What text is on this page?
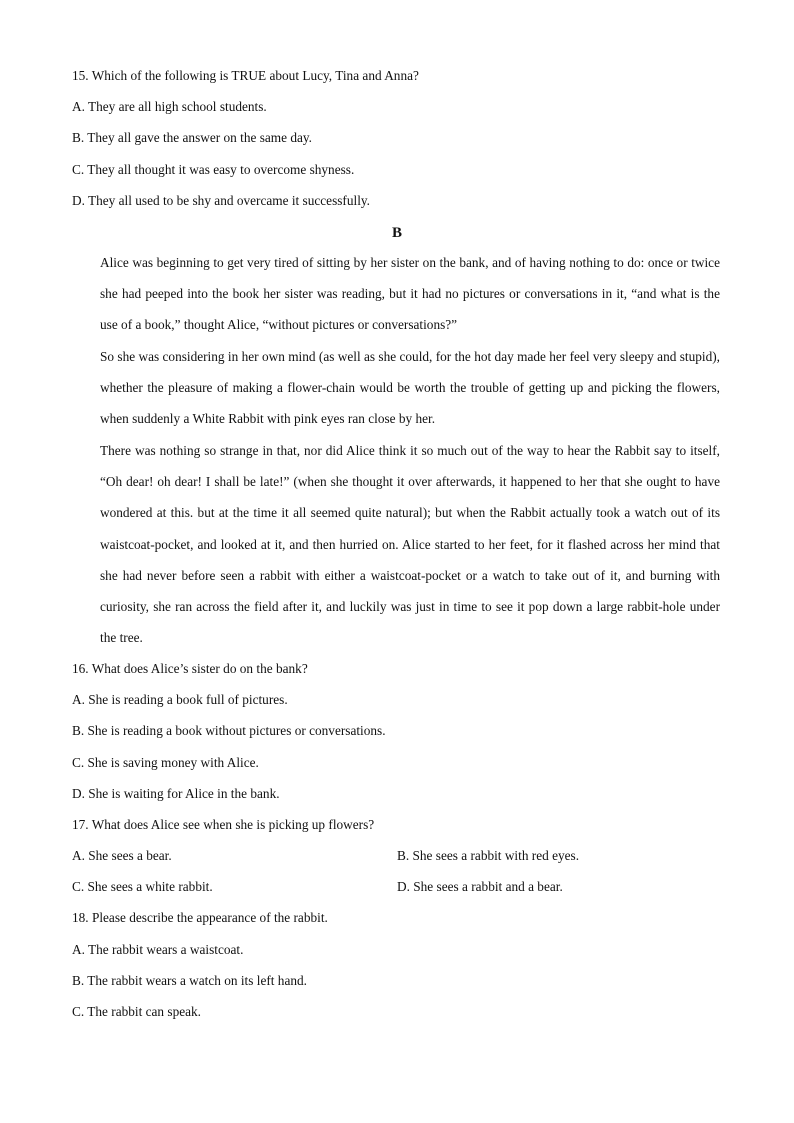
15. Which of the following is TRUE about Lucy, Tina and Anna?
A. They are all high school students.
B. They all gave the answer on the same day.
C. They all thought it was easy to overcome shyness.
D. They all used to be shy and overcame it successfully.
B
Alice was beginning to get very tired of sitting by her sister on the bank, and of having nothing to do: once or twice she had peeped into the book her sister was reading, but it had no pictures or conversations in it, “and what is the use of a book,” thought Alice, “without pictures or conversations?”
So she was considering in her own mind (as well as she could, for the hot day made her feel very sleepy and stupid), whether the pleasure of making a flower-chain would be worth the trouble of getting up and picking the flowers, when suddenly a White Rabbit with pink eyes ran close by her.
There was nothing so strange in that, nor did Alice think it so much out of the way to hear the Rabbit say to itself, “Oh dear! oh dear! I shall be late!” (when she thought it over afterwards, it happened to her that she ought to have wondered at this. but at the time it all seemed quite natural); but when the Rabbit actually took a watch out of its waistcoat-pocket, and looked at it, and then hurried on. Alice started to her feet, for it flashed across her mind that she had never before seen a rabbit with either a waistcoat-pocket or a watch to take out of it, and burning with curiosity, she ran across the field after it, and luckily was just in time to see it pop down a large rabbit-hole under the tree.
16. What does Alice’s sister do on the bank?
A. She is reading a book full of pictures.
B. She is reading a book without pictures or conversations.
C. She is saving money with Alice.
D. She is waiting for Alice in the bank.
17. What does Alice see when she is picking up flowers?
A. She sees a bear.	B. She sees a rabbit with red eyes.
C. She sees a white rabbit.	D. She sees a rabbit and a bear.
18. Please describe the appearance of the rabbit.
A. The rabbit wears a waistcoat.
B. The rabbit wears a watch on its left hand.
C. The rabbit can speak.
